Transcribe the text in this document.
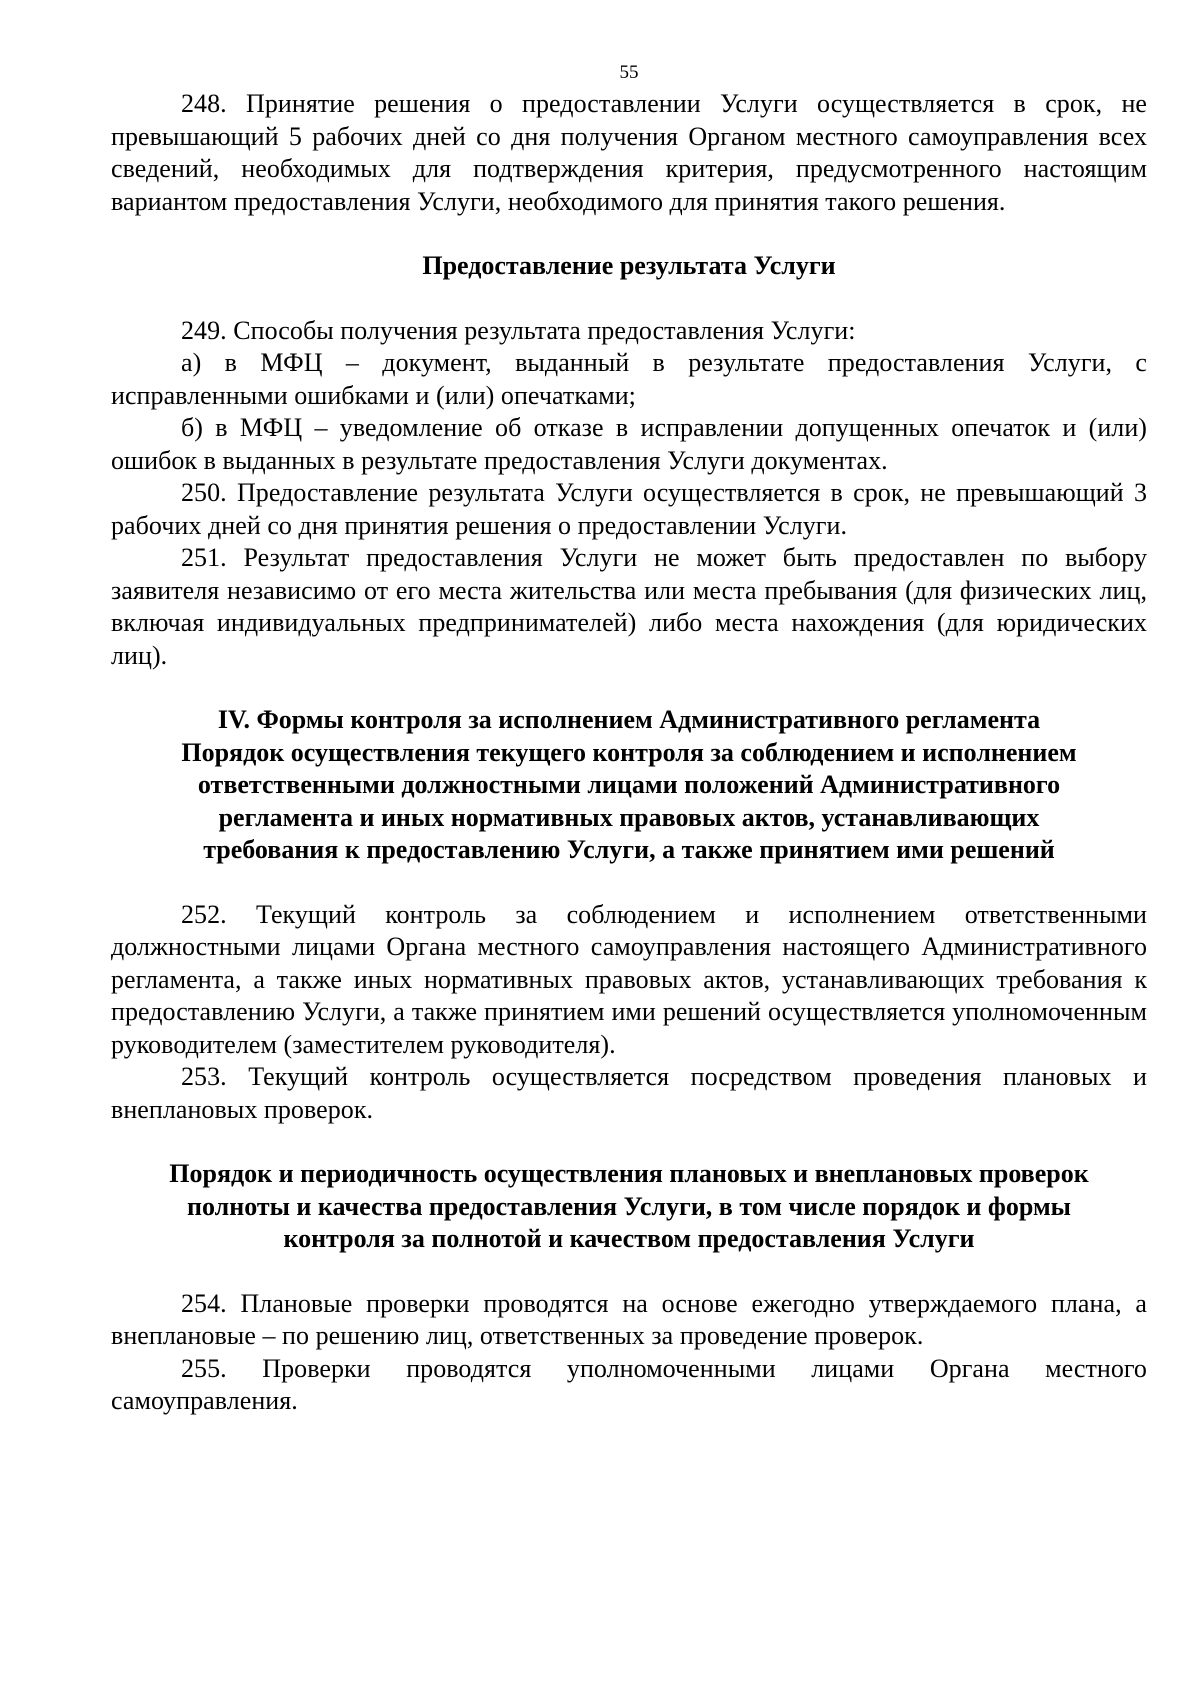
55

248. Принятие решения о предоставлении Услуги осуществляется в срок, не превышающий 5 рабочих дней со дня получения Органом местного самоуправления всех сведений, необходимых для подтверждения критерия, предусмотренного настоящим вариантом предоставления Услуги, необходимого для принятия такого решения.

Предоставление результата Услуги

249. Способы получения результата предоставления Услуги:

а) в МФЦ – документ, выданный в результате предоставления Услуги, с исправленными ошибками и (или) опечатками;

б) в МФЦ – уведомление об отказе в исправлении допущенных опечаток и (или) ошибок в выданных в результате предоставления Услуги документах.

250. Предоставление результата Услуги осуществляется в срок, не превышающий 3 рабочих дней со дня принятия решения о предоставлении Услуги.

251. Результат предоставления Услуги не может быть предоставлен по выбору заявителя независимо от его места жительства или места пребывания (для физических лиц, включая индивидуальных предпринимателей) либо места нахождения (для юридических лиц).

IV. Формы контроля за исполнением Административного регламента
Порядок осуществления текущего контроля за соблюдением и исполнением
ответственными должностными лицами положений Административного
регламента и иных нормативных правовых актов, устанавливающих
требования к предоставлению Услуги, а также принятием ими решений

252. Текущий контроль за соблюдением и исполнением ответственными должностными лицами Органа местного самоуправления настоящего Административного регламента, а также иных нормативных правовых актов, устанавливающих требования к предоставлению Услуги, а также принятием ими решений осуществляется уполномоченным руководителем (заместителем руководителя).

253. Текущий контроль осуществляется посредством проведения плановых и внеплановых проверок.

Порядок и периодичность осуществления плановых и внеплановых проверок
полноты и качества предоставления Услуги, в том числе порядок и формы
контроля за полнотой и качеством предоставления Услуги

254. Плановые проверки проводятся на основе ежегодно утверждаемого плана, а внеплановые – по решению лиц, ответственных за проведение проверок.

255. Проверки проводятся уполномоченными лицами Органа местного самоуправления.
